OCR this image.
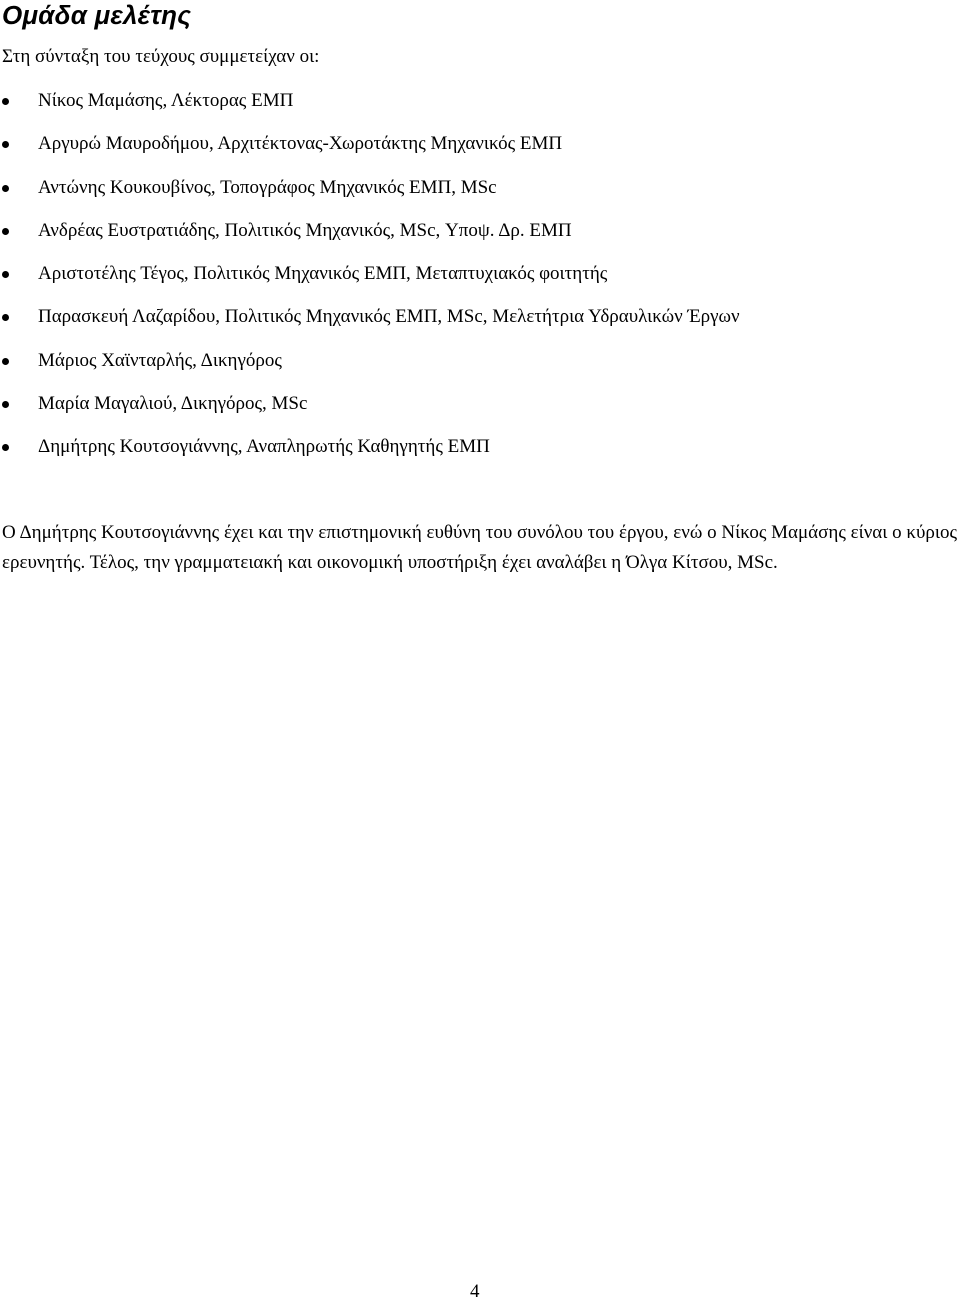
Ομάδα μελέτης

Στη σύνταξη του τεύχους συμμετείχαν οι:

Νίκος Μαμάσης, Λέκτορας ΕΜΠ
Αργυρώ Μαυροδήμου, Αρχιτέκτονας-Χωροτάκτης Μηχανικός ΕΜΠ
Αντώνης Κουκουβίνος, Τοπογράφος Μηχανικός ΕΜΠ, MSc
Ανδρέας Ευστρατιάδης, Πολιτικός Μηχανικός, MSc, Υποψ. Δρ. ΕΜΠ
Αριστοτέλης Τέγος, Πολιτικός Μηχανικός ΕΜΠ, Μεταπτυχιακός φοιτητής
Παρασκευή Λαζαρίδου, Πολιτικός Μηχανικός ΕΜΠ, MSc, Μελετήτρια Υδραυλικών Έργων
Μάριος Χαϊνταρλής, Δικηγόρος
Μαρία Μαγαλιού, Δικηγόρος, MSc
Δημήτρης Κουτσογιάννης, Αναπληρωτής Καθηγητής ΕΜΠ

Ο Δημήτρης Κουτσογιάννης έχει και την επιστημονική ευθύνη του συνόλου του έργου, ενώ ο Νίκος Μαμάσης είναι ο κύριος ερευνητής. Τέλος, την γραμματειακή και οικονομική υποστήριξη έχει αναλάβει η Όλγα Κίτσου, MSc.

4
